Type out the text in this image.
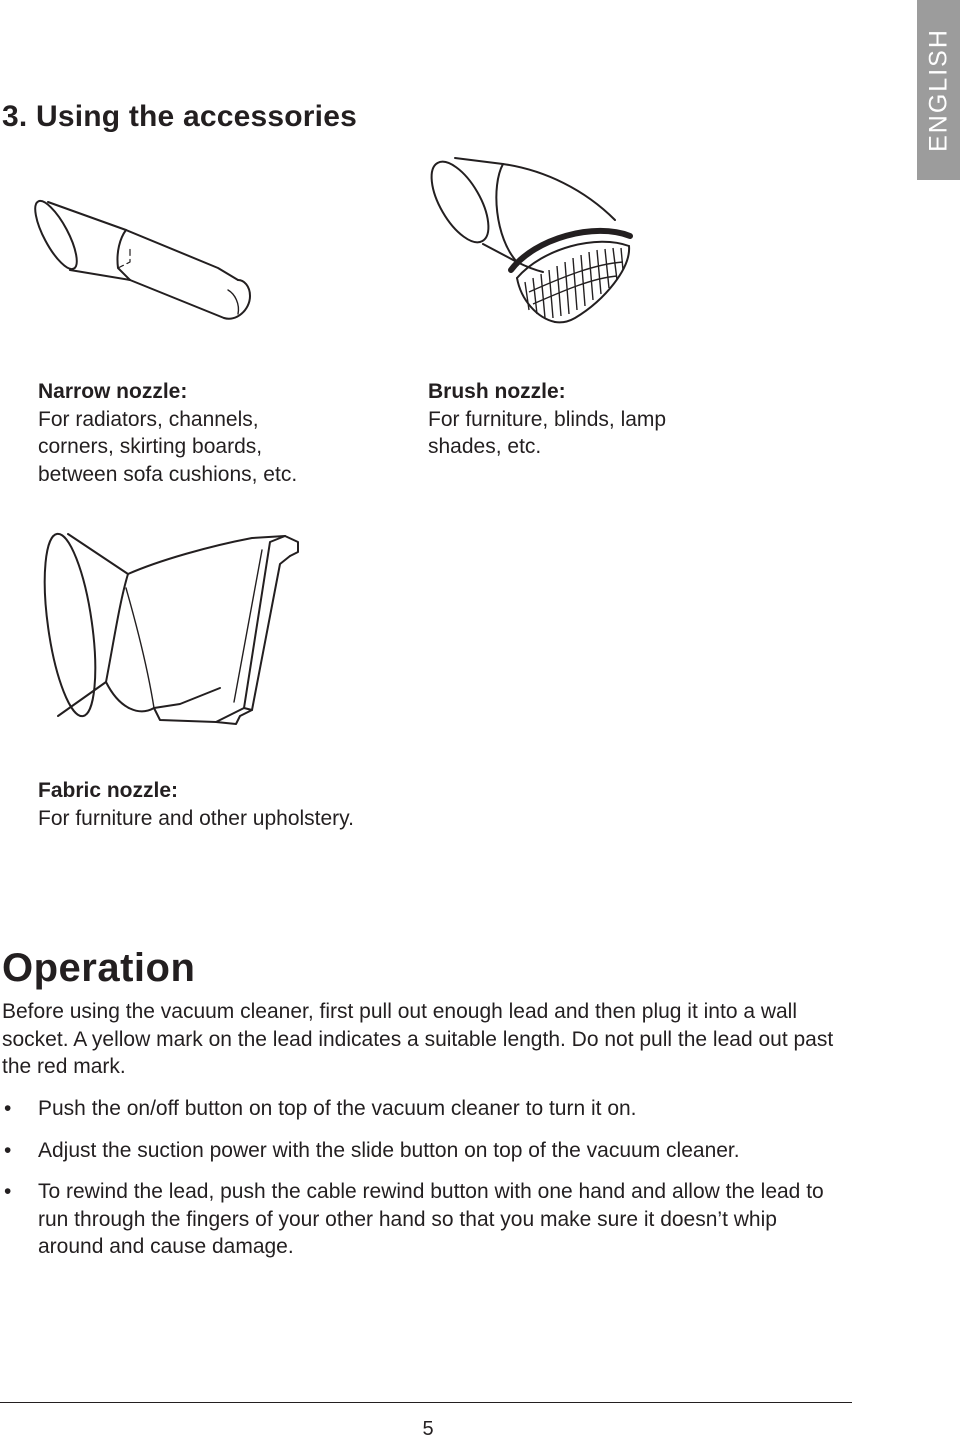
ENGLISH
3. Using the accessories
Narrow nozzle:
For radiators, channels,
corners, skirting boards,
between sofa cushions, etc.
Brush nozzle:
For furniture, blinds, lamp
shades, etc.
Fabric nozzle:
For furniture and other upholstery.
Operation

Before using the vacuum cleaner, first pull out enough lead and then plug it into a wall socket. A yellow mark on the lead indicates a suitable length. Do not pull the lead out past the red mark.

• Push the on/off button on top of the vacuum cleaner to turn it on.
• Adjust the suction power with the slide button on top of the vacuum cleaner.
• To rewind the lead, push the cable rewind button with one hand and allow the lead to run through the fingers of your other hand so that you make sure it doesn’t whip around and cause damage.
5
